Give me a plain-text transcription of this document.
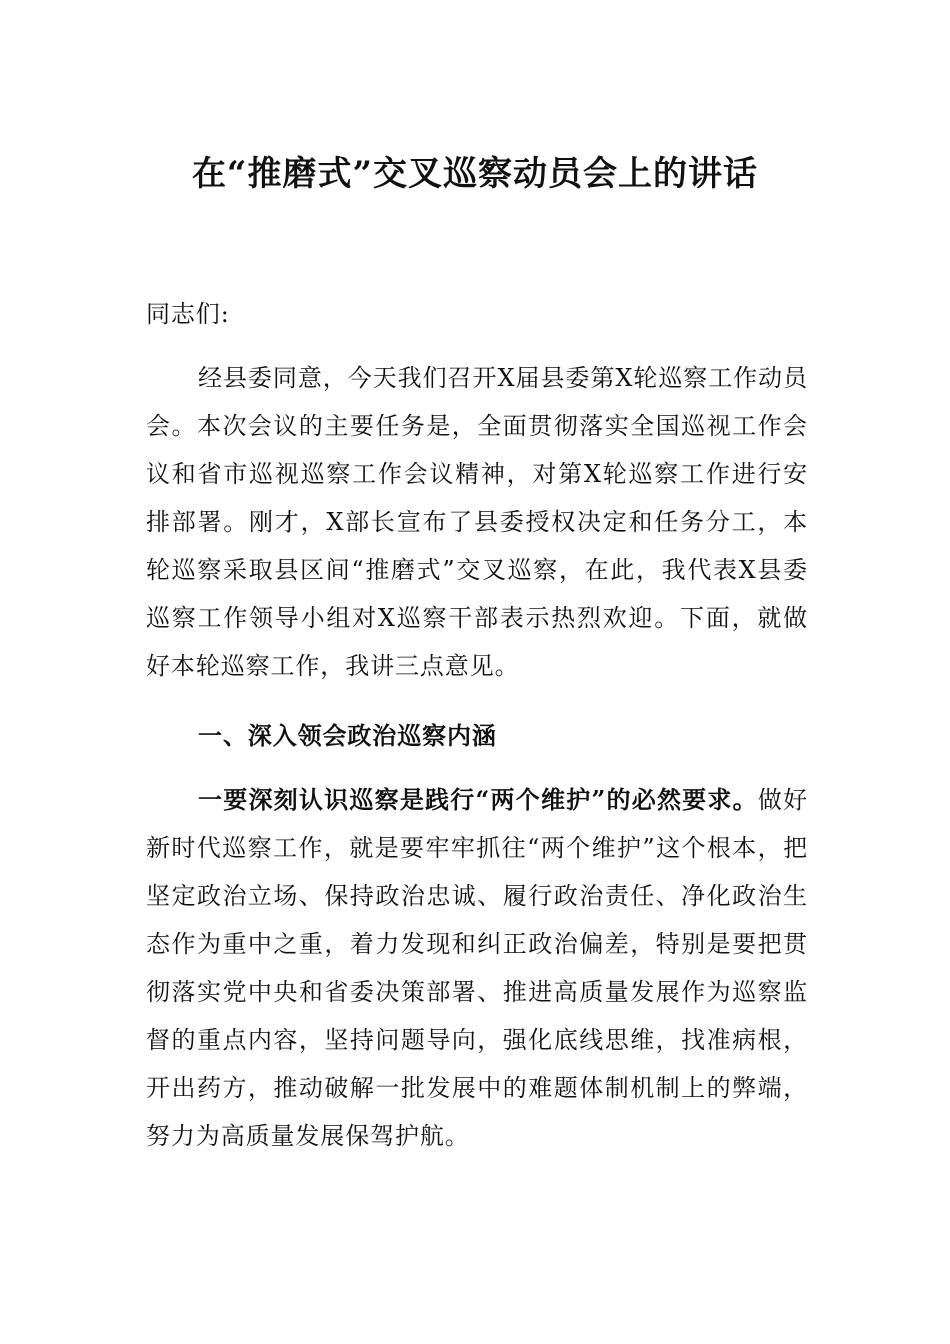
在“推磨式”交叉巡察动员会上的讲话
同志们:
经县委同意，今天我们召开X届县委第X轮巡察工作动员会。本次会议的主要任务是，全面贯彻落实全国巡视工作会议和省市巡视巡察工作会议精神，对第X轮巡察工作进行安排部署。刚才，X部长宣布了县委授权决定和任务分工，本轮巡察采取县区间“推磨式”交叉巡察，在此，我代表X县委巡察工作领导小组对X巡察干部表示热烈欢迎。下面，就做好本轮巡察工作，我讲三点意见。
一、深入领会政治巡察内涵
一要深刻认识巡察是践行“两个维护”的必然要求。做好新时代巡察工作，就是要牢牢抓往“两个维护”这个根本，把坚定政治立场、保持政治忠诚、履行政治责任、净化政治生态作为重中之重，着力发现和纠正政治偏差，特别是要把贯彻落实党中央和省委决策部署、推进高质量发展作为巡察监督的重点内容，坚持问题导向，强化底线思维，找准病根，开出药方，推动破解一批发展中的难题体制机制上的弊端，努力为高质量发展保驾护航。
